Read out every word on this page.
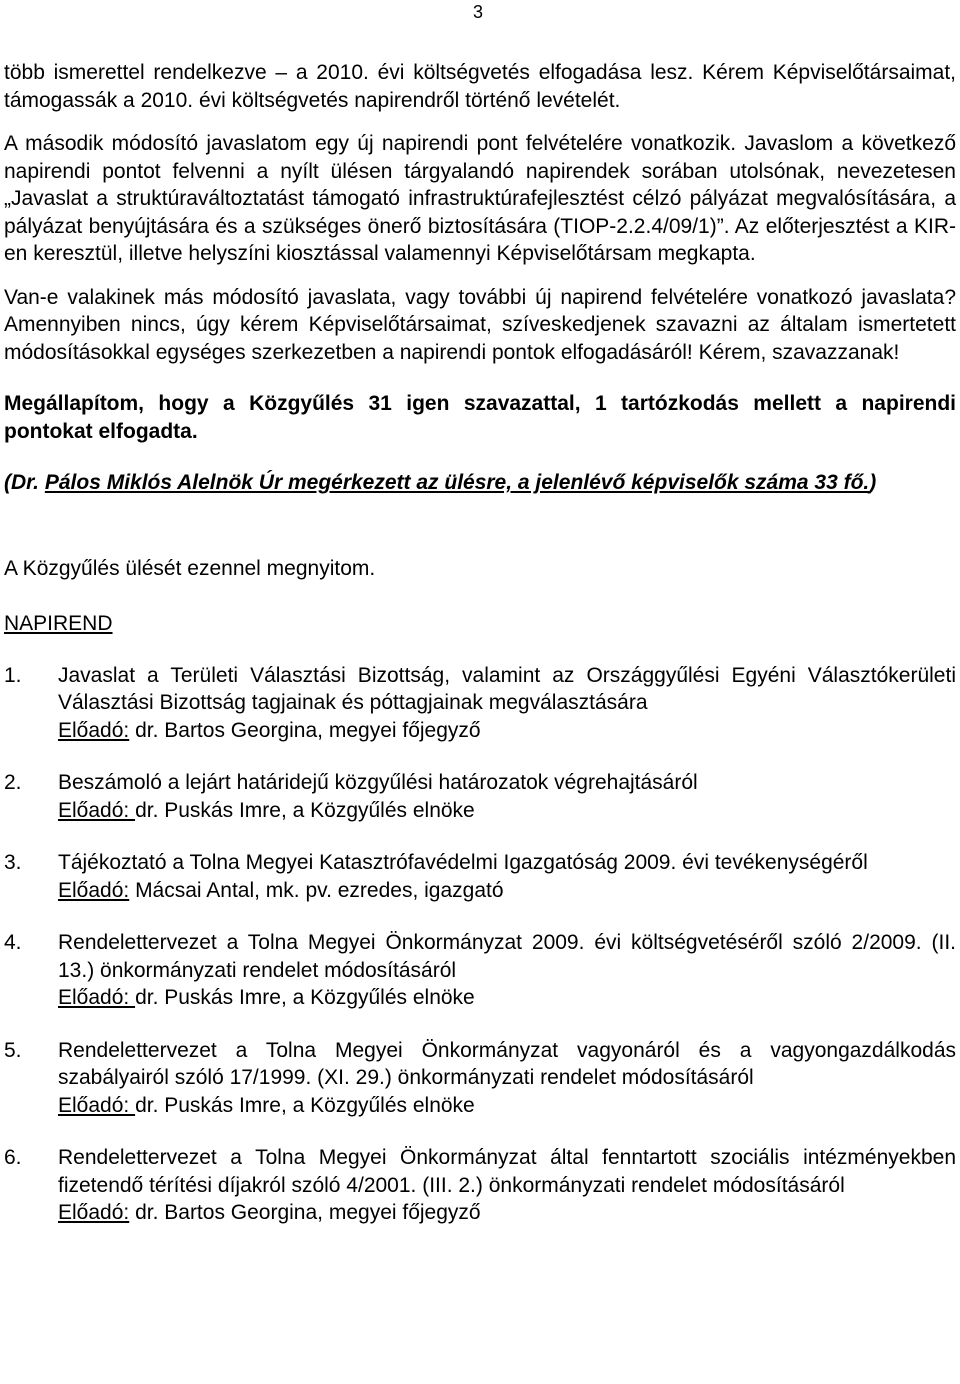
3

több ismerettel rendelkezve – a 2010. évi költségvetés elfogadása lesz. Kérem Képviselőtársaimat, támogassák a 2010. évi költségvetés napirendről történő levételét.

A második módosító javaslatom egy új napirendi pont felvételére vonatkozik. Javaslom a következő napirendi pontot felvenni a nyílt ülésen tárgyalandó napirendek sorában utolsónak, nevezetesen „Javaslat a struktúraváltoztatást támogató infrastruktúrafejlesztést célzó pályázat megvalósítására, a pályázat benyújtására és a szükséges önerő biztosítására (TIOP-2.2.4/09/1)”. Az előterjesztést a KIR-en keresztül, illetve helyszíni kiosztással valamennyi Képviselőtársam megkapta.

Van-e valakinek más módosító javaslata, vagy további új napirend felvételére vonatkozó javaslata? Amennyiben nincs, úgy kérem Képviselőtársaimat, szíveskedjenek szavazni az általam ismertetett módosításokkal egységes szerkezetben a napirendi pontok elfogadásáról! Kérem, szavazzanak!

Megállapítom, hogy a Közgyűlés 31 igen szavazattal, 1 tartózkodás mellett a napirendi pontokat elfogadta.

(Dr. Pálos Miklós Alelnök Úr megérkezett az ülésre, a jelenlévő képviselők száma 33 fő.)

A Közgyűlés ülését ezennel megnyitom.

NAPIREND

1.	Javaslat a Területi Választási Bizottság, valamint az Országgyűlési Egyéni Választókerületi Választási Bizottság tagjainak és póttagjainak megválasztására
Előadó: dr. Bartos Georgina, megyei főjegyző
2.	Beszámoló a lejárt határidejű közgyűlési határozatok végrehajtásáról
Előadó: dr. Puskás Imre, a Közgyűlés elnöke
3.	Tájékoztató a Tolna Megyei Katasztrófavédelmi Igazgatóság 2009. évi tevékenységéről
Előadó: Mácsai Antal, mk. pv. ezredes, igazgató
4.	Rendelettervezet a Tolna Megyei Önkormányzat 2009. évi költségvetéséről szóló 2/2009. (II. 13.) önkormányzati rendelet módosításáról
Előadó: dr. Puskás Imre, a Közgyűlés elnöke
5.	Rendelettervezet a Tolna Megyei Önkormányzat vagyonáról és a vagyongazdálkodás szabályairól szóló 17/1999. (XI. 29.) önkormányzati rendelet módosításáról
Előadó: dr. Puskás Imre, a Közgyűlés elnöke
6.	Rendelettervezet a Tolna Megyei Önkormányzat által fenntartott szociális intézményekben fizetendő térítési díjakról szóló 4/2001. (III. 2.) önkormányzati rendelet módosításáról
Előadó: dr. Bartos Georgina, megyei főjegyző
